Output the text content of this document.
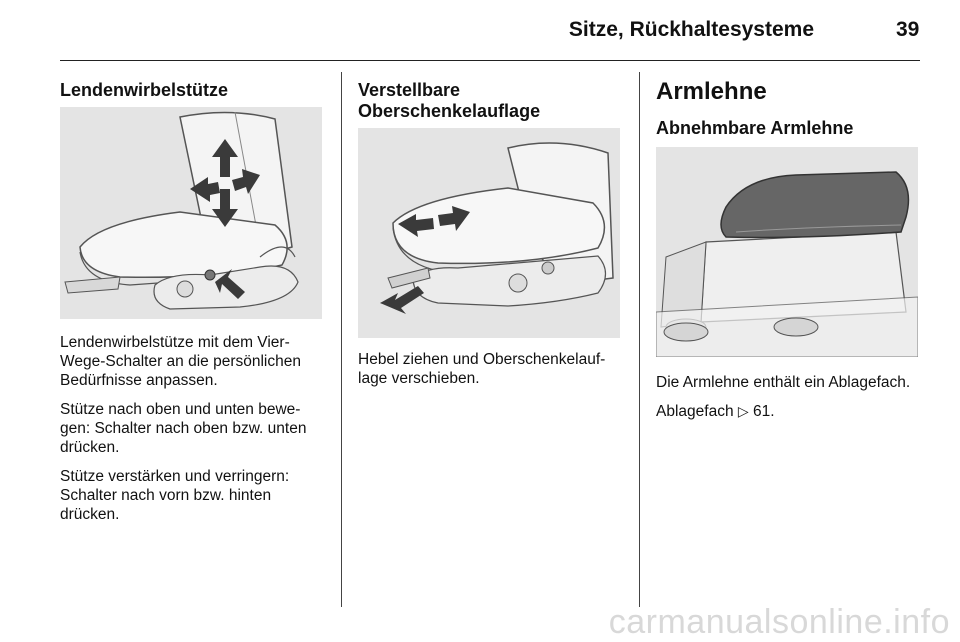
Sitze, Rückhaltesysteme	39
Lendenwirbelstütze

Lendenwirbelstütze mit dem Vier-
Wege-Schalter an die persönlichen
Bedürfnisse anpassen.

Stütze nach oben und unten bewe-
gen: Schalter nach oben bzw. unten
drücken.

Stütze verstärken und verringern:
Schalter nach vorn bzw. hinten
drücken.

Verstellbare
Oberschenkelauflage
Hebel ziehen und Oberschenkelauf-
lage verschieben.
Armlehne
Abnehmbare Armlehne

Die Armlehne enthält ein Ablagefach.

Ablagefach ▷ 61.

carmanualsonline.info
